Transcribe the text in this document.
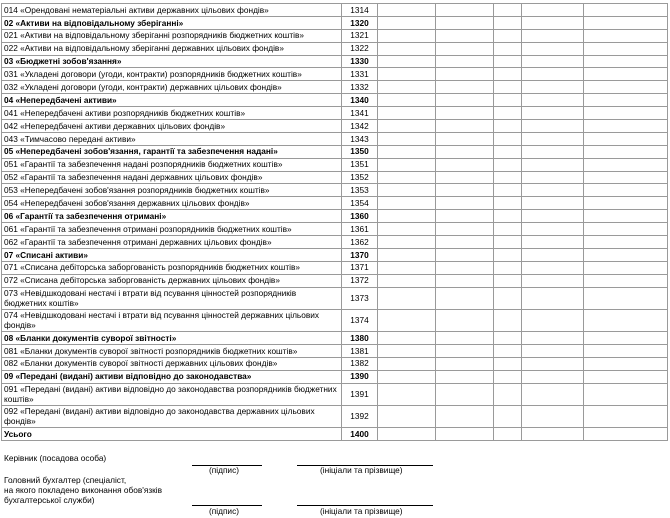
014 «Орендовані нематеріальні активи державних цільових фондів»	1314					
02 «Активи на відповідальному зберіганні»	1320					
021 «Активи на відповідальному зберіганні розпорядників бюджетних коштів»	1321					
022 «Активи на відповідальному зберіганні державних цільових фондів»	1322					
03 «Бюджетні зобов'язання»	1330					
031 «Укладені договори (угоди, контракти) розпорядників бюджетних коштів»	1331					
032 «Укладені договори (угоди, контракти) державних цільових фондів»	1332					
04 «Непередбачені активи»	1340					
041 «Непередбачені активи розпорядників бюджетних коштів»	1341					
042 «Непередбачені активи державних цільових фондів»	1342					
043 «Тимчасово передані активи»	1343					
05 «Непередбачені зобов'язання, гарантії та забезпечення надані»	1350					
051 «Гарантії та забезпечення надані розпорядників бюджетних коштів»	1351					
052 «Гарантії та забезпечення надані державних цільових фондів»	1352					
053 «Непередбачені зобов'язання розпорядників бюджетних коштів»	1353					
054 «Непередбачені зобов'язання державних цільових фондів»	1354					
06 «Гарантії та забезпечення отримані»	1360					
061 «Гарантії та забезпечення отримані розпорядників бюджетних коштів»	1361					
062 «Гарантії та забезпечення отримані державних цільових фондів»	1362					
07 «Списані активи»	1370					
071 «Списана дебіторська заборгованість розпорядників бюджетних коштів»	1371					
072 «Списана дебіторська заборгованість державних цільових фондів»	1372					
073 «Невідшкодовані нестачі і втрати від псування цінностей розпорядників бюджетних коштів»	1373					
074 «Невідшкодовані нестачі і втрати від псування цінностей державних цільових фондів»	1374					
08 «Бланки документів суворої звітності»	1380					
081 «Бланки документів суворої звітності розпорядників бюджетних коштів»	1381					
082 «Бланки документів суворої звітності державних цільових фондів»	1382					
09 «Передані (видані) активи відповідно до законодавства»	1390					
091 «Передані (видані) активи відповідно до законодавства розпорядників бюджетних коштів»	1391					
092 «Передані (видані) активи відповідно до законодавства державних цільових фондів»	1392					
Усього	1400					
Керівник (посадова особа)
(підпис)	(ініціали та прізвище)
Головний бухгалтер (спеціаліст,
на якого покладено виконання обов'язків
бухгалтерської служби)
(підпис)	(ініціали та прізвище)
